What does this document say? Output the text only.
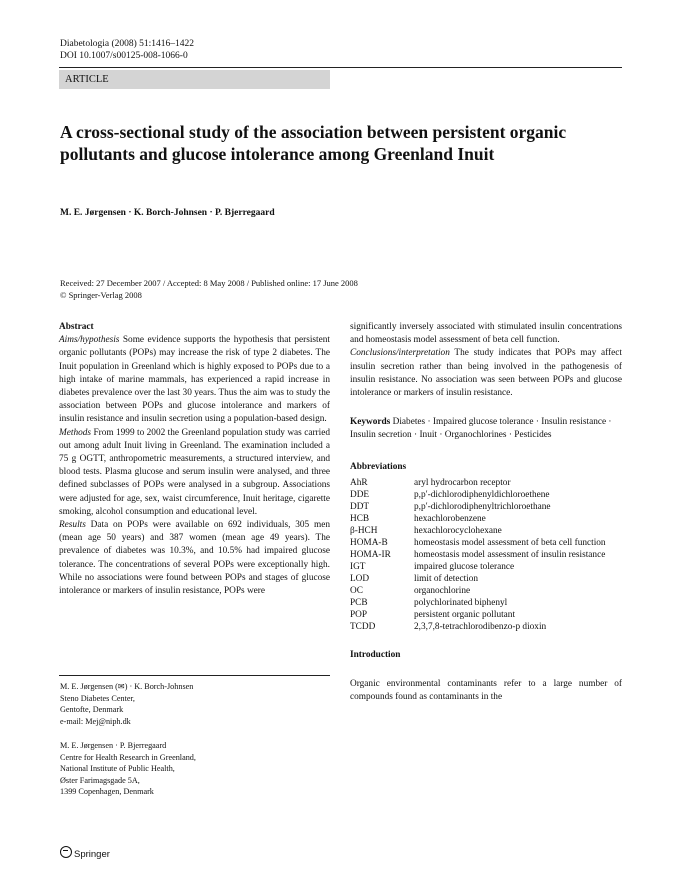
Diabetologia (2008) 51:1416–1422
DOI 10.1007/s00125-008-1066-0
ARTICLE
A cross-sectional study of the association between persistent organic pollutants and glucose intolerance among Greenland Inuit
M. E. Jørgensen · K. Borch-Johnsen · P. Bjerregaard
Received: 27 December 2007 / Accepted: 8 May 2008 / Published online: 17 June 2008
© Springer-Verlag 2008
Abstract

Aims/hypothesis Some evidence supports the hypothesis that persistent organic pollutants (POPs) may increase the risk of type 2 diabetes. The Inuit population in Greenland which is highly exposed to POPs due to a high intake of marine mammals, has experienced a rapid increase in diabetes prevalence over the last 30 years. Thus the aim was to study the association between POPs and glucose intolerance and markers of insulin resistance and insulin secretion using a population-based design.

Methods From 1999 to 2002 the Greenland population study was carried out among adult Inuit living in Greenland. The examination included a 75 g OGTT, anthropometric measurements, a structured interview, and blood tests. Plasma glucose and serum insulin were analysed, and three defined subclasses of POPs were analysed in a subgroup. Associations were adjusted for age, sex, waist circumference, Inuit heritage, cigarette smoking, alcohol consumption and educational level.

Results Data on POPs were available on 692 individuals, 305 men (mean age 50 years) and 387 women (mean age 49 years). The prevalence of diabetes was 10.3%, and 10.5% had impaired glucose tolerance. The concentrations of several POPs were exceptionally high. While no associations were found between POPs and stages of glucose intolerance or markers of insulin resistance, POPs were

M. E. Jørgensen (✉) · K. Borch-Johnsen
Steno Diabetes Center,
Gentofte, Denmark
e-mail: Mej@niph.dk
M. E. Jørgensen · P. Bjerregaard
Centre for Health Research in Greenland,
National Institute of Public Health,
Øster Farimagsgade 5A,
1399 Copenhagen, Denmark

significantly inversely associated with stimulated insulin concentrations and homeostasis model assessment of beta cell function.

Conclusions/interpretation The study indicates that POPs may affect insulin secretion rather than being involved in the pathogenesis of insulin resistance. No association was seen between POPs and glucose intolerance or markers of insulin resistance.

Keywords Diabetes · Impaired glucose tolerance · Insulin resistance · Insulin secretion · Inuit · Organochlorines · Pesticides

Abbreviations
AhR	aryl hydrocarbon receptor
DDE	p,p′-dichlorodiphenyldichloroethene
DDT	p,p′-dichlorodiphenyltrichloroethane
HCB	hexachlorobenzene
β-HCH	hexachlorocyclohexane
HOMA-B	homeostasis model assessment of beta cell function
HOMA-IR	homeostasis model assessment of insulin resistance
IGT	impaired glucose tolerance
LOD	limit of detection
OC	organochlorine
PCB	polychlorinated biphenyl
POP	persistent organic pollutant
TCDD	2,3,7,8-tetrachlorodibenzo-p dioxin
Introduction

Organic environmental contaminants refer to a large number of compounds found as contaminants in the

Springer
